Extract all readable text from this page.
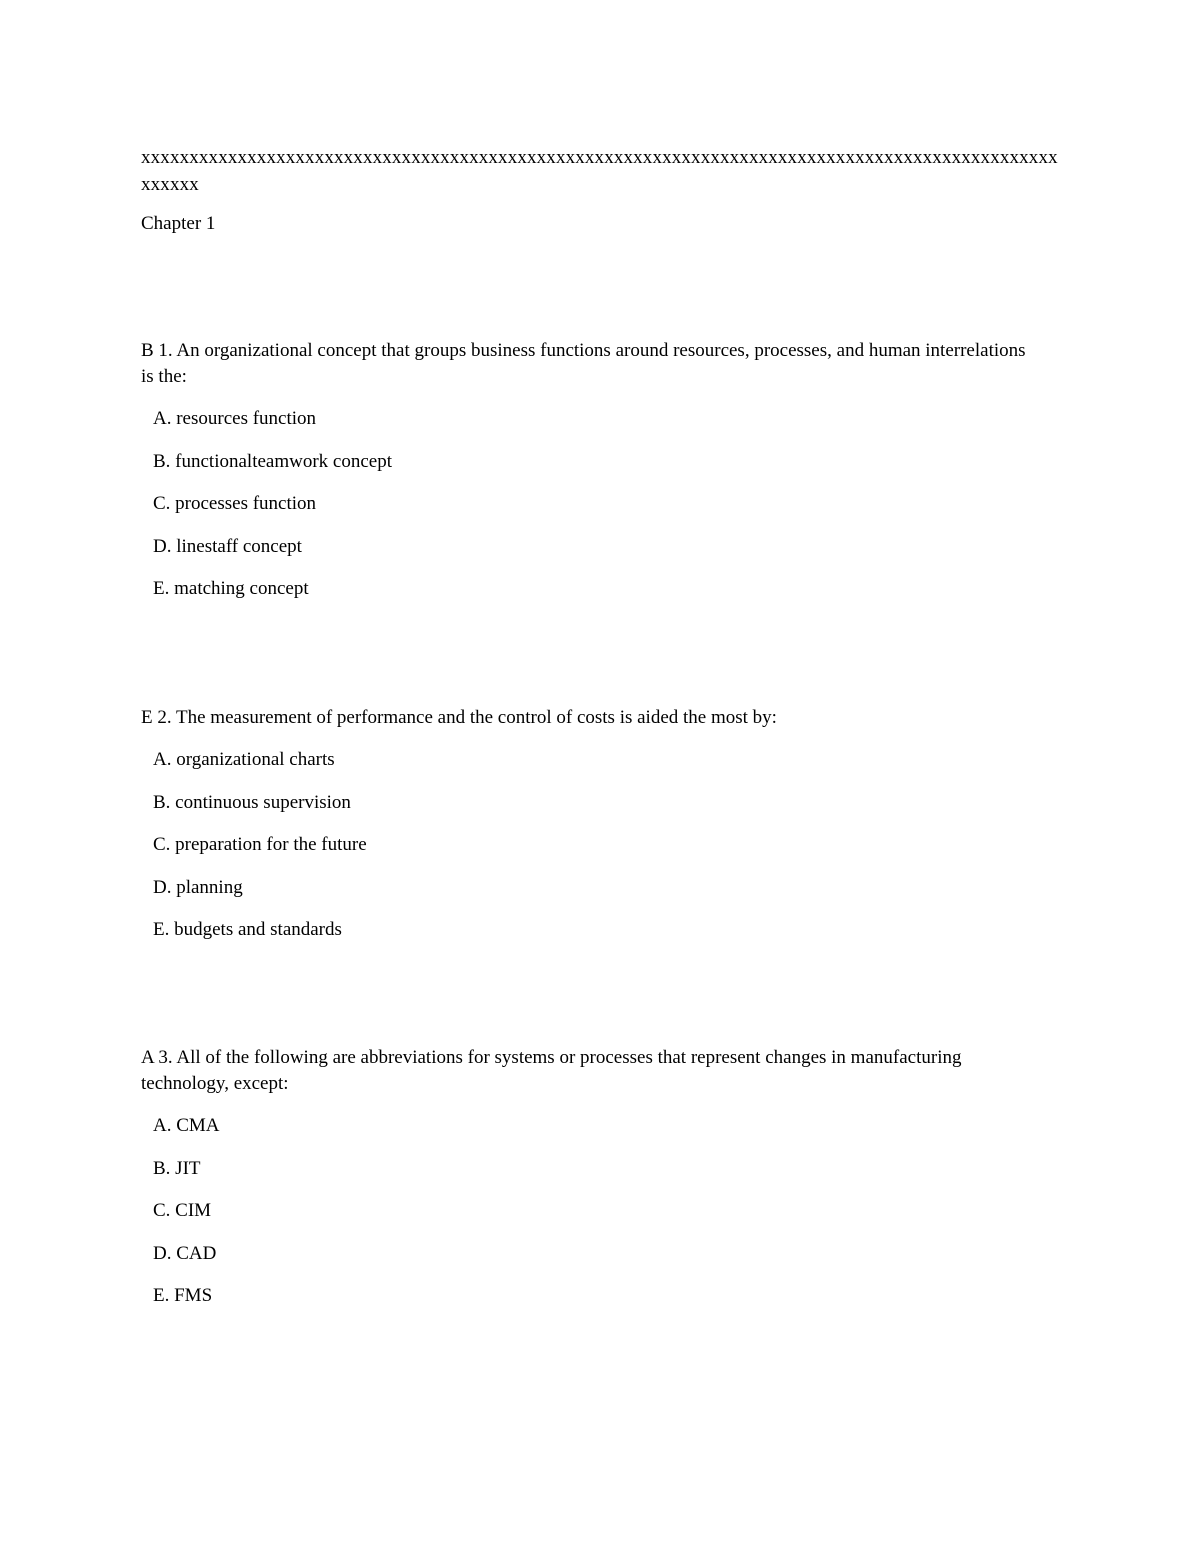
xxxxxxxxxxxxxxxxxxxxxxxxxxxxxxxxxxxxxxxxxxxxxxxxxxxxxxxxxxxxxxxxxxxxxxxxxxxxxxxxxxxxxxxxxxxxxxxxxxxxx
Chapter 1

B 1. An organizational concept that groups business functions around resources, processes, and human interrelations is the:

A. resources function

B. functionalteamwork concept

C. processes function

D. linestaff concept

E. matching concept

E 2. The measurement of performance and the control of costs is aided the most by:

A. organizational charts

B. continuous supervision

C. preparation for the future

D. planning

E. budgets and standards

A 3. All of the following are abbreviations for systems or processes that represent changes in manufacturing technology, except:

A. CMA

B. JIT

C. CIM

D. CAD

E. FMS
